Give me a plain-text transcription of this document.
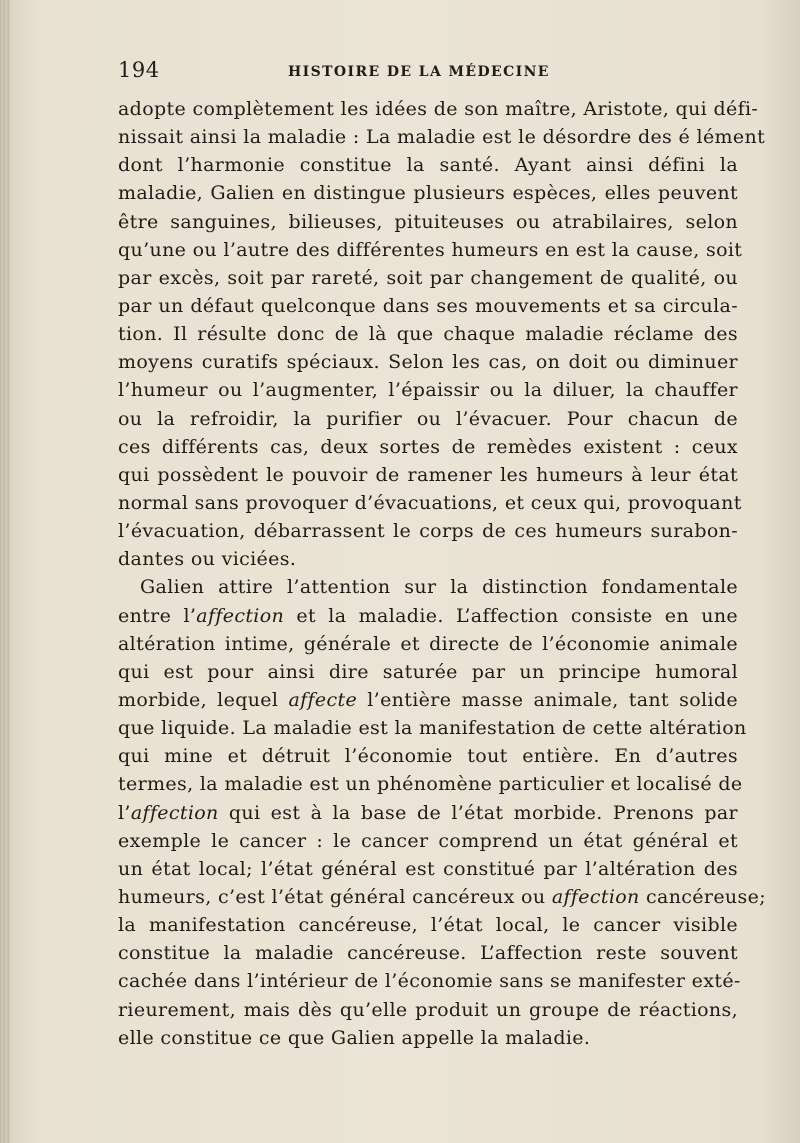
194	HISTOIRE DE LA MÉDECINE
adopte complètement les idées de son maître, Aristote, qui défi-
nissait ainsi la maladie : La maladie est le désordre des é lément
dont l’harmonie constitue la santé. Ayant ainsi défini la
maladie, Galien en distingue plusieurs espèces, elles peuvent
être sanguines, bilieuses, pituiteuses ou atrabilaires, selon
qu’une ou l’autre des différentes humeurs en est la cause, soit
par excès, soit par rareté, soit par changement de qualité, ou
par un défaut quelconque dans ses mouvements et sa circula-
tion. Il résulte donc de là que chaque maladie réclame des
moyens curatifs spéciaux. Selon les cas, on doit ou diminuer
l’humeur ou l’augmenter, l’épaissir ou la diluer, la chauffer
ou la refroidir, la purifier ou l’évacuer. Pour chacun de
ces différents cas, deux sortes de remèdes existent : ceux
qui possèdent le pouvoir de ramener les humeurs à leur état
normal sans provoquer d’évacuations, et ceux qui, provoquant
l’évacuation, débarrassent le corps de ces humeurs surabon-
dantes ou viciées.
Galien attire l’attention sur la distinction fondamentale
entre l’affection et la maladie. L’affection consiste en une
altération intime, générale et directe de l’économie animale
qui est pour ainsi dire saturée par un principe humoral
morbide, lequel affecte l’entière masse animale, tant solide
que liquide. La maladie est la manifestation de cette altération
qui mine et détruit l’économie tout entière. En d’autres
termes, la maladie est un phénomène particulier et localisé de
l’affection qui est à la base de l’état morbide. Prenons par
exemple le cancer : le cancer comprend un état général et
un état local; l’état général est constitué par l’altération des
humeurs, c’est l’état général cancéreux ou affection cancéreuse;
la manifestation cancéreuse, l’état local, le cancer visible
constitue la maladie cancéreuse. L’affection reste souvent
cachée dans l’intérieur de l’économie sans se manifester exté-
rieurement, mais dès qu’elle produit un groupe de réactions,
elle constitue ce que Galien appelle la maladie.
